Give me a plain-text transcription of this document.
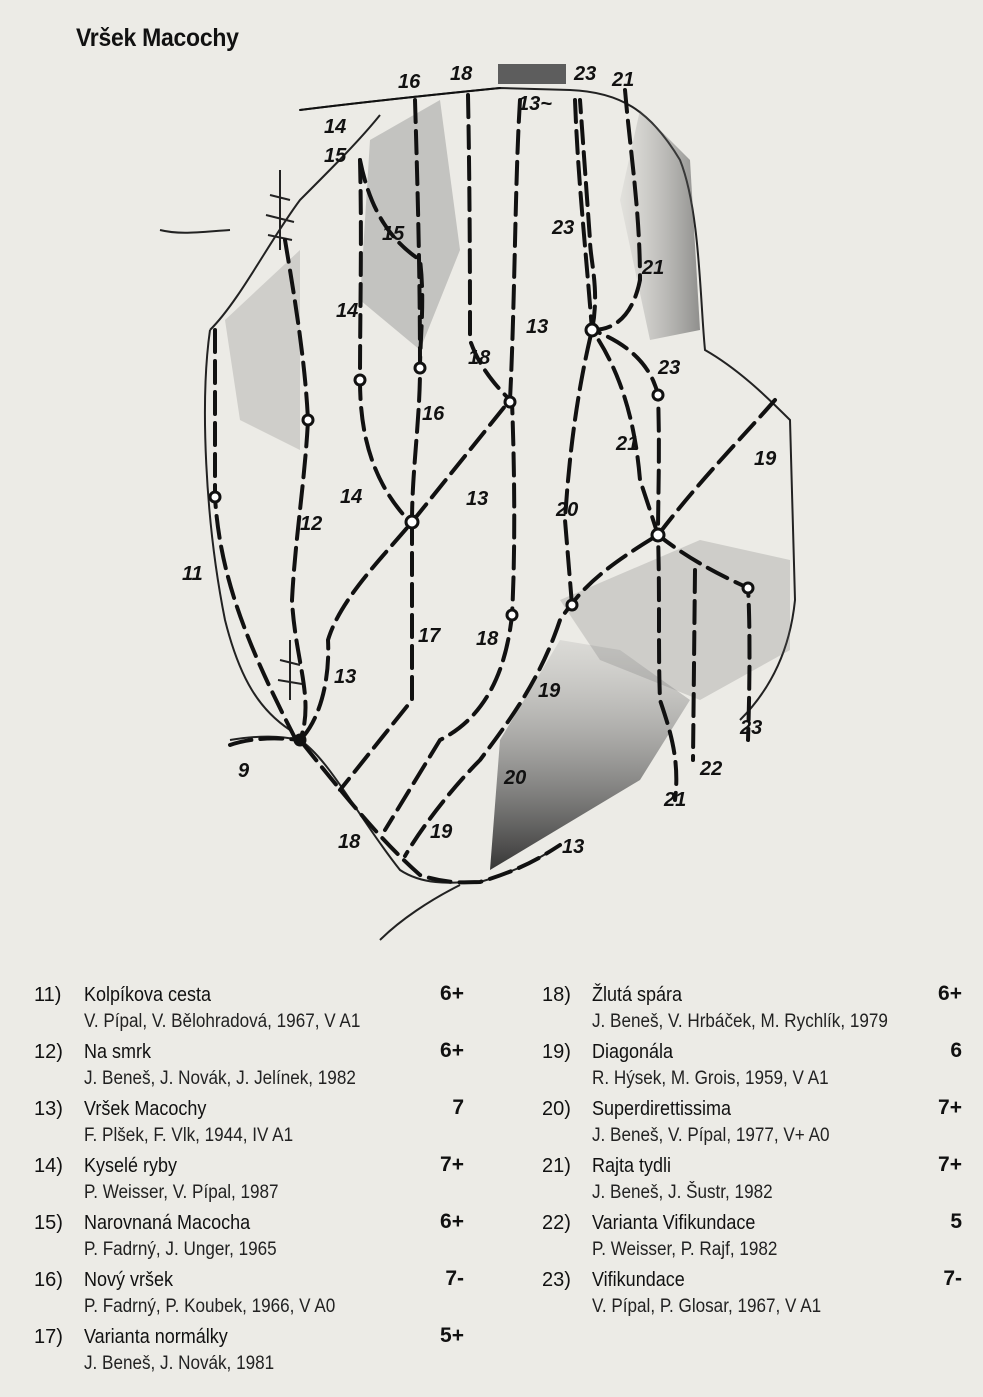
Vršek Macochy
16 18	23 21
13~
14
15
15	23
21
14
13
18	23
16
21
19
14	13	20
12
11
17 18
13
19
23
9	22
20
21
19
18	13
11) Kolpíkova cesta	6+
V. Pípal, V. Bělohradová, 1967, V A1
12) Na smrk	6+
J. Beneš, J. Novák, J. Jelínek, 1982
13) Vršek Macochy	7
F. Plšek, F. Vlk, 1944, IV A1
14) Kyselé ryby	7+
P. Weisser, V. Pípal, 1987
15) Narovnaná Macocha	6+
P. Fadrný, J. Unger, 1965
16) Nový vršek	7-
P. Fadrný, P. Koubek, 1966, V A0
17) Varianta normálky	5+
J. Beneš, J. Novák, 1981
18) Žlutá spára	6+
J. Beneš, V. Hrbáček, M. Rychlík, 1979
19) Diagonála	6
R. Hýsek, M. Grois, 1959, V A1
20) Superdirettissima	7+
J. Beneš, V. Pípal, 1977, V+ A0
21) Rajta tydli	7+
J. Beneš, J. Šustr, 1982
22) Varianta Vifikundace	5
P. Weisser, P. Rajf, 1982
23) Vifikundace	7-
V. Pípal, P. Glosar, 1967, V A1
